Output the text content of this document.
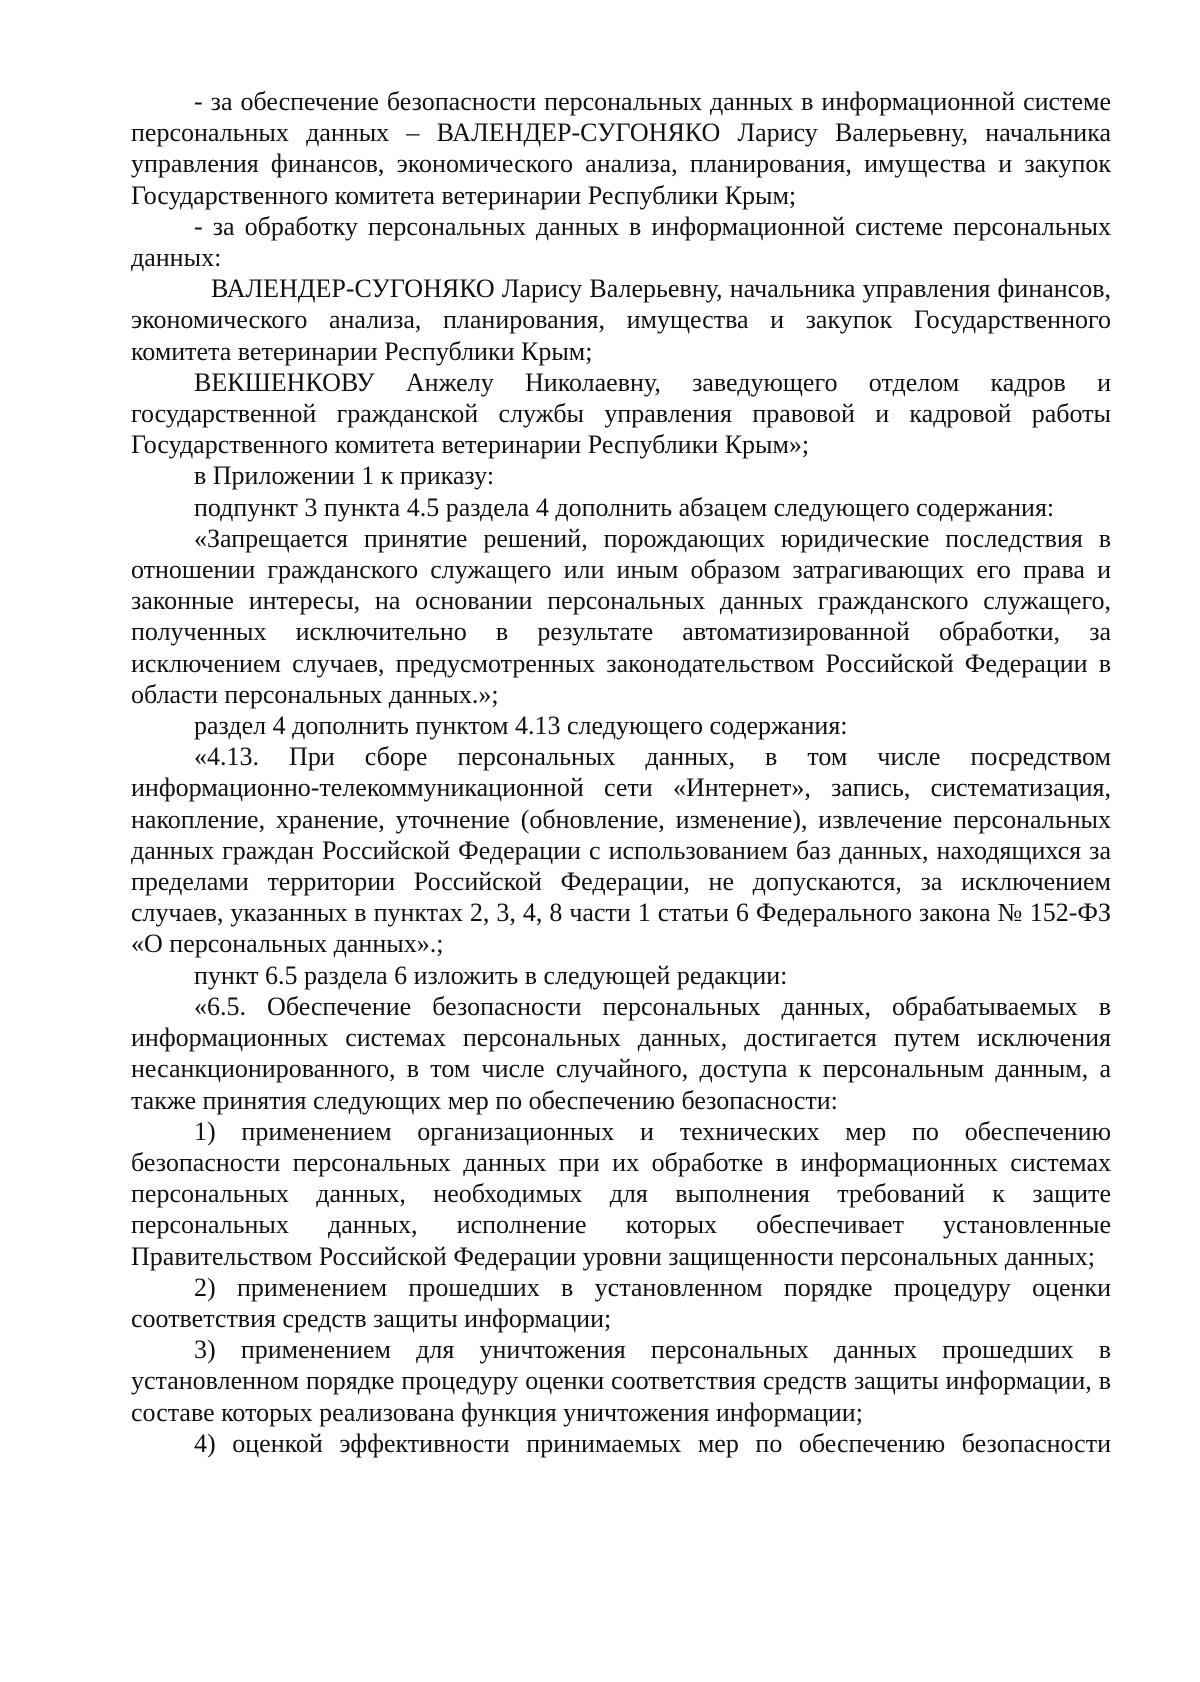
- за обеспечение безопасности персональных данных в информационной системе персональных данных – ВАЛЕНДЕР-СУГОНЯКО Ларису Валерьевну, начальника управления финансов, экономического анализа, планирования, имущества и закупок Государственного комитета ветеринарии Республики Крым;

- за обработку персональных данных в информационной системе персональных данных:

ВАЛЕНДЕР-СУГОНЯКО Ларису Валерьевну, начальника управления финансов, экономического анализа, планирования, имущества и закупок Государственного комитета ветеринарии Республики Крым;

ВЕКШЕНКОВУ Анжелу Николаевну, заведующего отделом кадров и государственной гражданской службы управления правовой и кадровой работы Государственного комитета ветеринарии Республики Крым»;

в Приложении 1 к приказу:

подпункт 3 пункта 4.5 раздела 4 дополнить абзацем следующего содержания:

«Запрещается принятие решений, порождающих юридические последствия в отношении гражданского служащего или иным образом затрагивающих его права и законные интересы, на основании персональных данных гражданского служащего, полученных исключительно в результате автоматизированной обработки, за исключением случаев, предусмотренных законодательством Российской Федерации в области персональных данных.»;

раздел 4 дополнить пунктом 4.13 следующего содержания:

«4.13. При сборе персональных данных, в том числе посредством информационно-телекоммуникационной сети «Интернет», запись, систематизация, накопление, хранение, уточнение (обновление, изменение), извлечение персональных данных граждан Российской Федерации с использованием баз данных, находящихся за пределами территории Российской Федерации, не допускаются, за исключением случаев, указанных в пунктах 2, 3, 4, 8 части 1 статьи 6 Федерального закона № 152-ФЗ «О персональных данных».;

пункт 6.5 раздела 6 изложить в следующей редакции:

«6.5. Обеспечение безопасности персональных данных, обрабатываемых в информационных системах персональных данных, достигается путем исключения несанкционированного, в том числе случайного, доступа к персональным данным, а также принятия следующих мер по обеспечению безопасности:

1) применением организационных и технических мер по обеспечению безопасности персональных данных при их обработке в информационных системах персональных данных, необходимых для выполнения требований к защите персональных данных, исполнение которых обеспечивает установленные Правительством Российской Федерации уровни защищенности персональных данных;

2) применением прошедших в установленном порядке процедуру оценки соответствия средств защиты информации;

3) применением для уничтожения персональных данных прошедших в установленном порядке процедуру оценки соответствия средств защиты информации, в составе которых реализована функция уничтожения информации;

4) оценкой эффективности принимаемых мер по обеспечению безопасности
